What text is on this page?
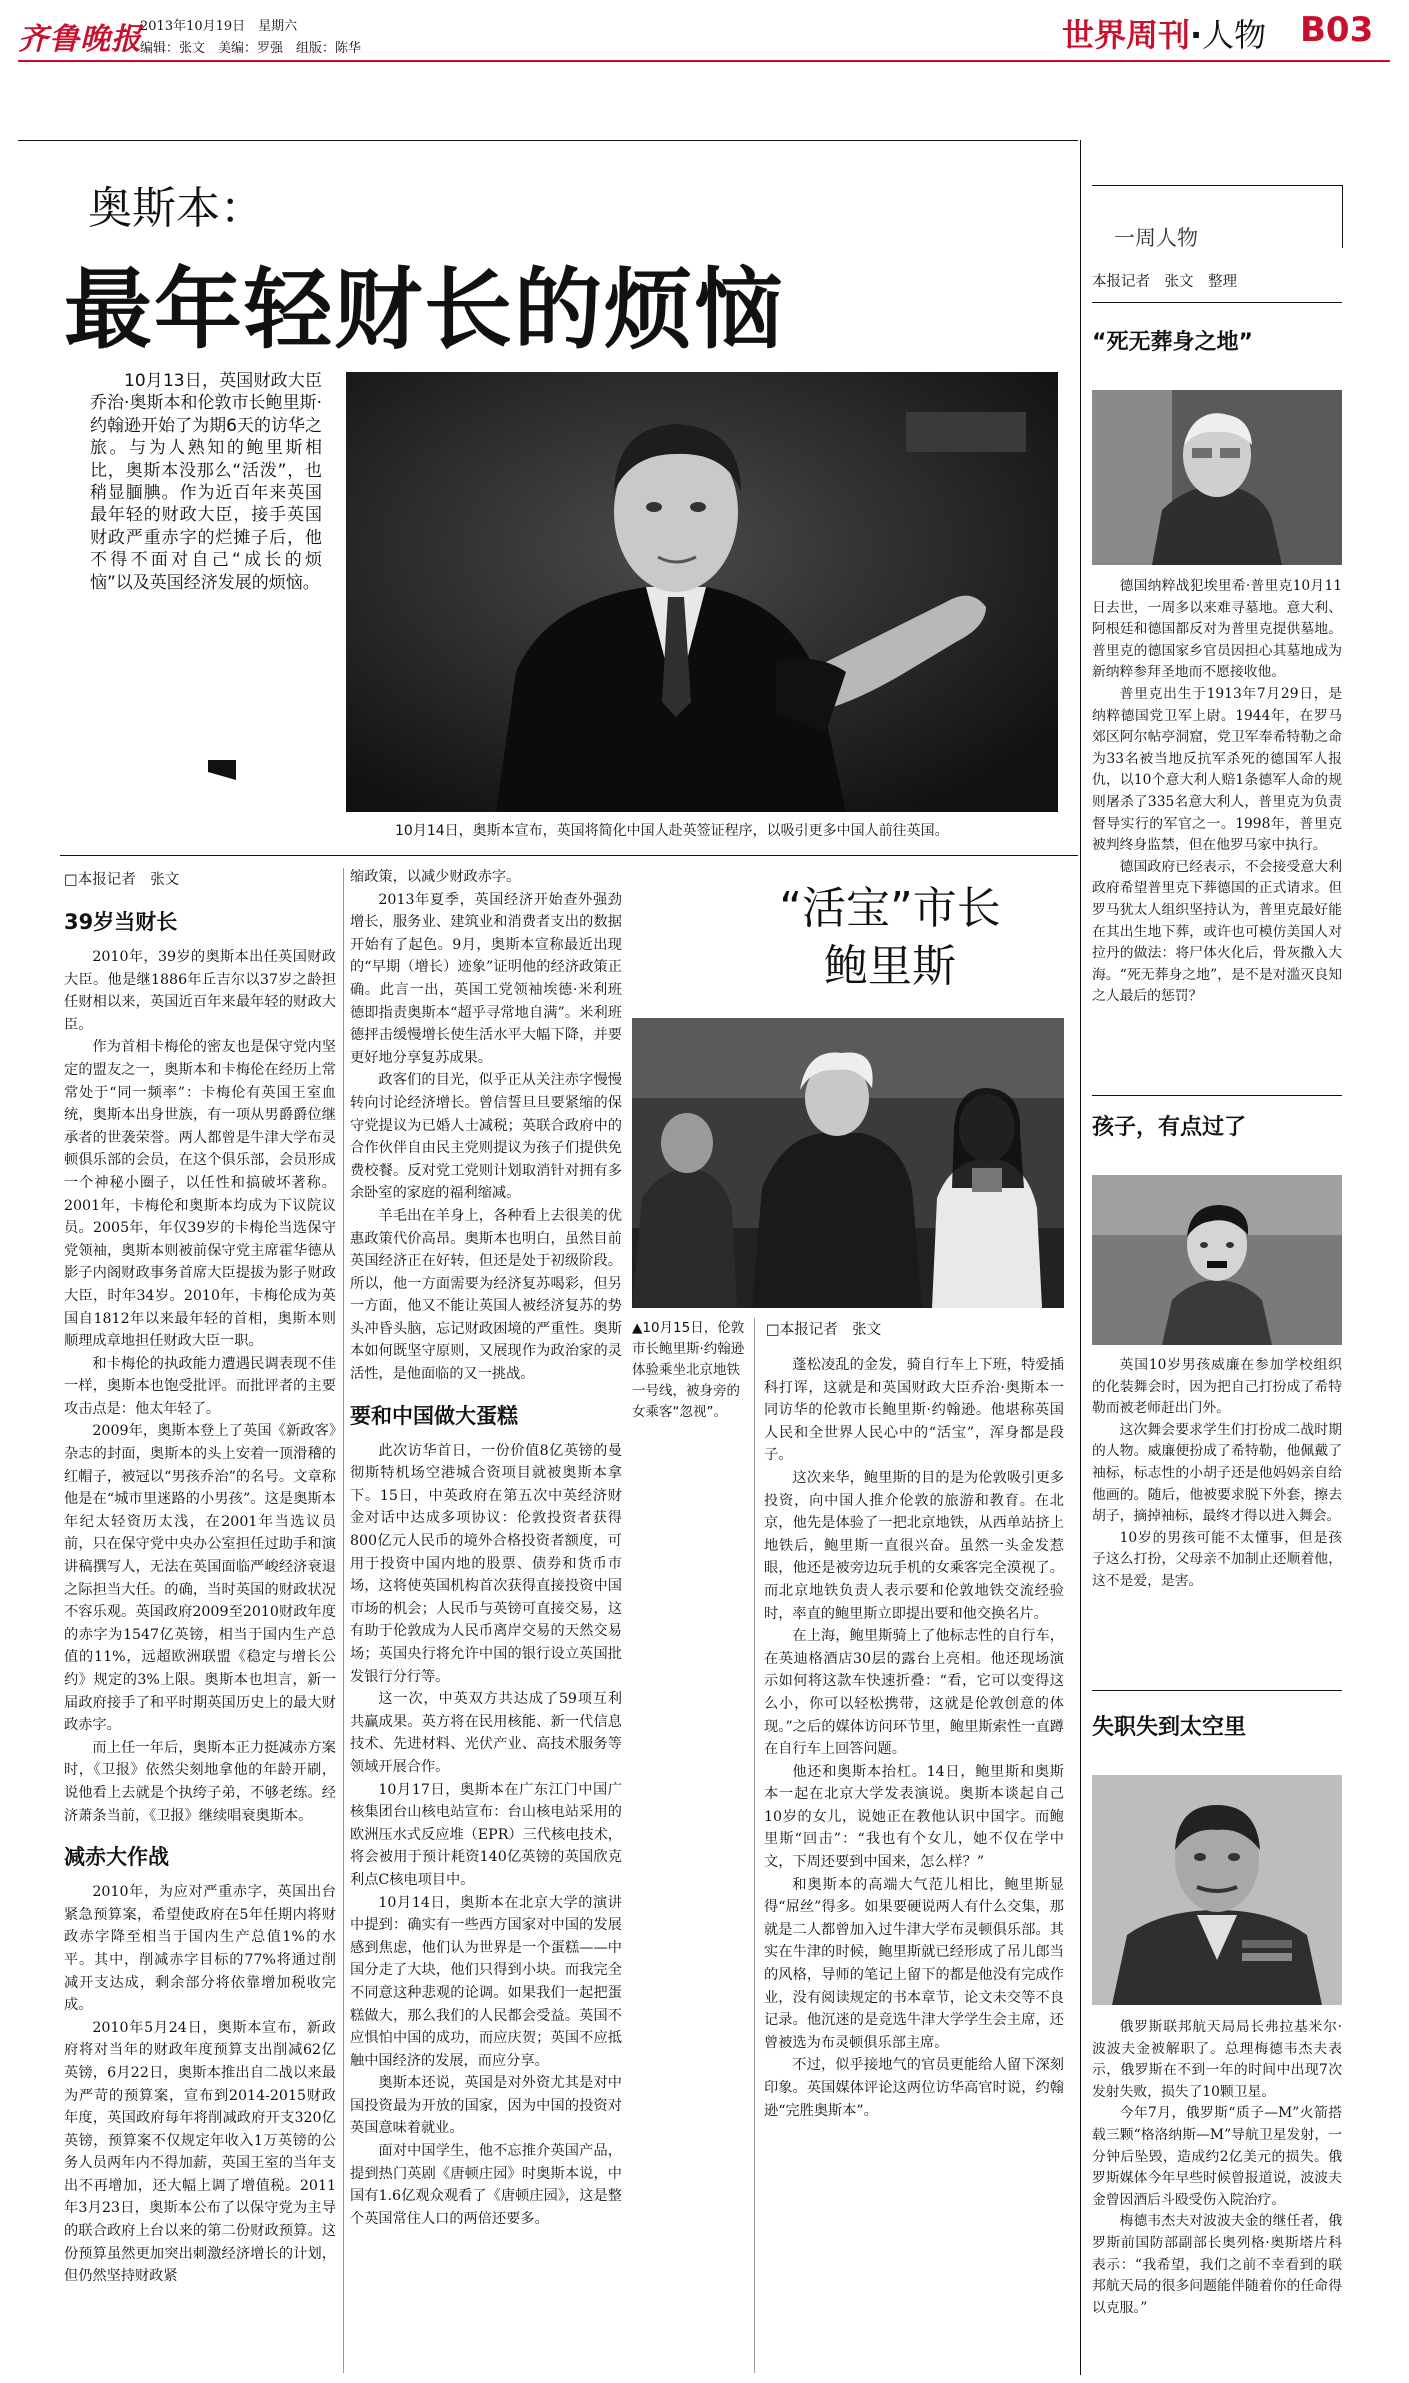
齐鲁晚报
2013年10月19日　星期六
编辑：张文　美编：罗强　组版：陈华	世界周刊·人物 B03
奥斯本：
最年轻财长的烦恼

10月13日，英国财政大臣乔治·奥斯本和伦敦市长鲍里斯·约翰逊开始了为期6天的访华之旅。与为人熟知的鲍里斯相比，奥斯本没那么“活泼”，也稍显腼腆。作为近百年来英国最年轻的财政大臣，接手英国财政严重赤字的烂摊子后，他不得不面对自己“成长的烦恼”以及英国经济发展的烦恼。

10月14日，奥斯本宣布，英国将简化中国人赴英签证程序，以吸引更多中国人前往英国。
□本报记者　张文
39岁当财长

2010年，39岁的奥斯本出任英国财政大臣。他是继1886年丘吉尔以37岁之龄担任财相以来，英国近百年来最年轻的财政大臣。

作为首相卡梅伦的密友也是保守党内坚定的盟友之一，奥斯本和卡梅伦在经历上常常处于“同一频率”：卡梅伦有英国王室血统，奥斯本出身世族，有一项从男爵爵位继承者的世袭荣誉。两人都曾是牛津大学布灵顿俱乐部的会员，在这个俱乐部，会员形成一个神秘小圈子，以任性和搞破坏著称。2001年，卡梅伦和奥斯本均成为下议院议员。2005年，年仅39岁的卡梅伦当选保守党领袖，奥斯本则被前保守党主席霍华德从影子内阁财政事务首席大臣提拔为影子财政大臣，时年34岁。2010年，卡梅伦成为英国自1812年以来最年轻的首相，奥斯本则顺理成章地担任财政大臣一职。

和卡梅伦的执政能力遭遇民调表现不佳一样，奥斯本也饱受批评。而批评者的主要攻击点是：他太年轻了。

2009年，奥斯本登上了英国《新政客》杂志的封面，奥斯本的头上安着一顶滑稽的红帽子，被冠以“男孩乔治”的名号。文章称他是在“城市里迷路的小男孩”。这是奥斯本年纪太轻资历太浅，在2001年当选议员前，只在保守党中央办公室担任过助手和演讲稿撰写人，无法在英国面临严峻经济衰退之际担当大任。的确，当时英国的财政状况不容乐观。英国政府2009至2010财政年度的赤字为1547亿英镑，相当于国内生产总值的11%，远超欧洲联盟《稳定与增长公约》规定的3%上限。奥斯本也坦言，新一届政府接手了和平时期英国历史上的最大财政赤字。

而上任一年后，奥斯本正力挺减赤方案时，《卫报》依然尖刻地拿他的年龄开刷，说他看上去就是个执绔子弟，不够老练。经济萧条当前，《卫报》继续唱衰奥斯本。

减赤大作战

2010年，为应对严重赤字，英国出台紧急预算案，希望使政府在5年任期内将财政赤字降至相当于国内生产总值1%的水平。其中，削减赤字目标的77%将通过削减开支达成，剩余部分将依靠增加税收完成。

2010年5月24日，奥斯本宣布，新政府将对当年的财政年度预算支出削减62亿英镑，6月22日，奥斯本推出自二战以来最为严苛的预算案，宣布到2014-2015财政年度，英国政府每年将削减政府开支320亿英镑，预算案不仅规定年收入1万英镑的公务人员两年内不得加薪，英国王室的当年支出不再增加，还大幅上调了增值税。2011年3月23日，奥斯本公布了以保守党为主导的联合政府上台以来的第二份财政预算。这份预算虽然更加突出刺激经济增长的计划，但仍然坚持财政紧

缩政策，以减少财政赤字。

2013年夏季，英国经济开始查外强劲增长，服务业、建筑业和消费者支出的数据开始有了起色。9月，奥斯本宣称最近出现的“早期（增长）迹象”证明他的经济政策正确。此言一出，英国工党领袖埃德·米利班德即指责奥斯本“超乎寻常地自满”。米利班德抨击缓慢增长使生活水平大幅下降，并要更好地分享复苏成果。

政客们的目光，似乎正从关注赤字慢慢转向讨论经济增长。曾信誓旦旦要紧缩的保守党提议为已婚人士减税；英联合政府中的合作伙伴自由民主党则提议为孩子们提供免费校餐。反对党工党则计划取消针对拥有多余卧室的家庭的福利缩减。

羊毛出在羊身上，各种看上去很美的优惠政策代价高昂。奥斯本也明白，虽然目前英国经济正在好转，但还是处于初级阶段。所以，他一方面需要为经济复苏喝彩，但另一方面，他又不能让英国人被经济复苏的势头冲昏头脑，忘记财政困境的严重性。奥斯本如何既坚守原则，又展现作为政治家的灵活性，是他面临的又一挑战。

要和中国做大蛋糕

此次访华首日，一份价值8亿英镑的曼彻斯特机场空港城合资项目就被奥斯本拿下。15日，中英政府在第五次中英经济财金对话中达成多项协议：伦敦投资者获得800亿元人民币的境外合格投资者额度，可用于投资中国内地的股票、债券和货币市场，这将使英国机构首次获得直接投资中国市场的机会；人民币与英镑可直接交易，这有助于伦敦成为人民币离岸交易的天然交易场；英国央行将允许中国的银行设立英国批发银行分行等。

这一次，中英双方共达成了59项互利共赢成果。英方将在民用核能、新一代信息技术、先进材料、光伏产业、高技术服务等领域开展合作。

10月17日，奥斯本在广东江门中国广核集团台山核电站宣布：台山核电站采用的欧洲压水式反应堆（EPR）三代核电技术，将会被用于预计耗资140亿英镑的英国欣克利点C核电项目中。

10月14日，奥斯本在北京大学的演讲中提到：确实有一些西方国家对中国的发展感到焦虑，他们认为世界是一个蛋糕——中国分走了大块，他们只得到小块。而我完全不同意这种悲观的论调。如果我们一起把蛋糕做大，那么我们的人民都会受益。英国不应惧怕中国的成功，而应庆贺；英国不应抵触中国经济的发展，而应分享。

奥斯本还说，英国是对外资尤其是对中国投资最为开放的国家，因为中国的投资对英国意味着就业。

面对中国学生，他不忘推介英国产品，提到热门英剧《唐顿庄园》时奥斯本说，中国有1.6亿观众观看了《唐顿庄园》，这是整个英国常住人口的两倍还要多。

“活宝”市长
鲍里斯
▲10月15日，伦敦市长鲍里斯·约翰逊体验乘坐北京地铁一号线，被身旁的女乘客“忽视”。
□本报记者　张文

蓬松凌乱的金发，骑自行车上下班，特爱插科打诨，这就是和英国财政大臣乔治·奥斯本一同访华的伦敦市长鲍里斯·约翰逊。他堪称英国人民和全世界人民心中的“活宝”，浑身都是段子。

这次来华，鲍里斯的目的是为伦敦吸引更多投资，向中国人推介伦敦的旅游和教育。在北京，他先是体验了一把北京地铁，从西单站挤上地铁后，鲍里斯一直很兴奋。虽然一头金发惹眼，他还是被旁边玩手机的女乘客完全漠视了。而北京地铁负责人表示要和伦敦地铁交流经验时，率直的鲍里斯立即提出要和他交换名片。

在上海，鲍里斯骑上了他标志性的自行车，在英迪格酒店30层的露台上亮相。他还现场演示如何将这款车快速折叠：“看，它可以变得这么小，你可以轻松携带，这就是伦敦创意的体现。”之后的媒体访问环节里，鲍里斯索性一直蹲在自行车上回答问题。

他还和奥斯本抬杠。14日，鲍里斯和奥斯本一起在北京大学发表演说。奥斯本谈起自己10岁的女儿，说她正在教他认识中国字。而鲍里斯“回击”：“我也有个女儿，她不仅在学中文，下周还要到中国来，怎么样？”

和奥斯本的高端大气范儿相比，鲍里斯显得“屌丝”得多。如果要硬说两人有什么交集，那就是二人都曾加入过牛津大学布灵顿俱乐部。其实在牛津的时候，鲍里斯就已经形成了吊儿郎当的风格，导师的笔记上留下的都是他没有完成作业，没有阅读规定的书本章节，论文未交等不良记录。他沉迷的是竞选牛津大学学生会主席，还曾被选为布灵顿俱乐部主席。

不过，似乎接地气的官员更能给人留下深刻印象。英国媒体评论这两位访华高官时说，约翰逊“完胜奥斯本”。

一周人物
本报记者　张文　整理
“死无葬身之地”

德国纳粹战犯埃里希·普里克10月11日去世，一周多以来难寻墓地。意大利、阿根廷和德国都反对为普里克提供墓地。普里克的德国家乡官员因担心其墓地成为新纳粹参拜圣地而不愿接收他。

普里克出生于1913年7月29日，是纳粹德国党卫军上尉。1944年，在罗马郊区阿尔帖亭洞窟，党卫军奉希特勒之命为33名被当地反抗军杀死的德国军人报仇，以10个意大利人赔1条德军人命的规则屠杀了335名意大利人，普里克为负责督导实行的军官之一。1998年，普里克被判终身监禁，但在他罗马家中执行。

德国政府已经表示，不会接受意大利政府希望普里克下葬德国的正式请求。但罗马犹太人组织坚持认为，普里克最好能在其出生地下葬，或许也可模仿美国人对拉丹的做法：将尸体火化后，骨灰撒入大海。“死无葬身之地”，是不是对滥灭良知之人最后的惩罚？

孩子，有点过了

英国10岁男孩威廉在参加学校组织的化装舞会时，因为把自己打扮成了希特勒而被老师赶出门外。

这次舞会要求学生们打扮成二战时期的人物。威廉便扮成了希特勒，他佩戴了袖标，标志性的小胡子还是他妈妈亲自给他画的。随后，他被要求脱下外套，擦去胡子，摘掉袖标，最终才得以进入舞会。

10岁的男孩可能不太懂事，但是孩子这么打扮，父母亲不加制止还顺着他，这不是爱，是害。

失职失到太空里

俄罗斯联邦航天局局长弗拉基米尔·波波夫金被解职了。总理梅德韦杰夫表示，俄罗斯在不到一年的时间中出现7次发射失败，损失了10颗卫星。

今年7月，俄罗斯“质子—M”火箭搭载三颗“格洛纳斯—M”导航卫星发射，一分钟后坠毁，造成约2亿美元的损失。俄罗斯媒体今年早些时候曾报道说，波波夫金曾因酒后斗殴受伤入院治疗。

梅德韦杰夫对波波夫金的继任者，俄罗斯前国防部副部长奥列格·奥斯塔片科表示：“我希望，我们之前不幸看到的联邦航天局的很多问题能伴随着你的任命得以克服。”
